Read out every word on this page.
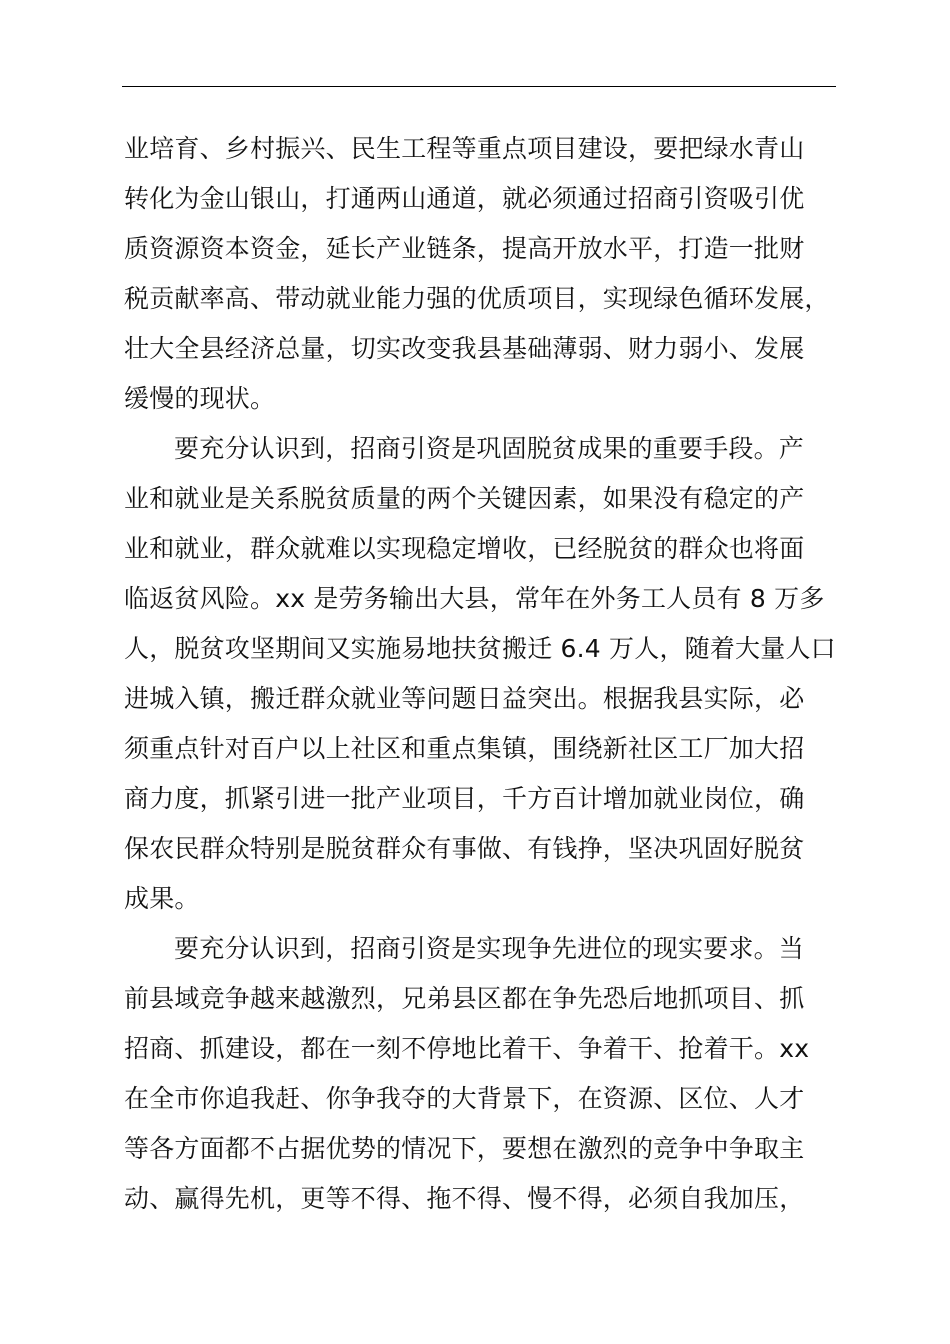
业培育、乡村振兴、民生工程等重点项目建设，要把绿水青山
转化为金山银山，打通两山通道，就必须通过招商引资吸引优
质资源资本资金，延长产业链条，提高开放水平，打造一批财
税贡献率高、带动就业能力强的优质项目，实现绿色循环发展，
壮大全县经济总量，切实改变我县基础薄弱、财力弱小、发展
缓慢的现状。
要充分认识到，招商引资是巩固脱贫成果的重要手段。产
业和就业是关系脱贫质量的两个关键因素，如果没有稳定的产
业和就业，群众就难以实现稳定增收，已经脱贫的群众也将面
临返贫风险。xx 是劳务输出大县，常年在外务工人员有 8 万多
人，脱贫攻坚期间又实施易地扶贫搬迁 6.4 万人，随着大量人口
进城入镇，搬迁群众就业等问题日益突出。根据我县实际，必
须重点针对百户以上社区和重点集镇，围绕新社区工厂加大招
商力度，抓紧引进一批产业项目，千方百计增加就业岗位，确
保农民群众特别是脱贫群众有事做、有钱挣，坚决巩固好脱贫
成果。
要充分认识到，招商引资是实现争先进位的现实要求。当
前县域竞争越来越激烈，兄弟县区都在争先恐后地抓项目、抓
招商、抓建设，都在一刻不停地比着干、争着干、抢着干。xx
在全市你追我赶、你争我夺的大背景下，在资源、区位、人才
等各方面都不占据优势的情况下，要想在激烈的竞争中争取主
动、赢得先机，更等不得、拖不得、慢不得，必须自我加压，
